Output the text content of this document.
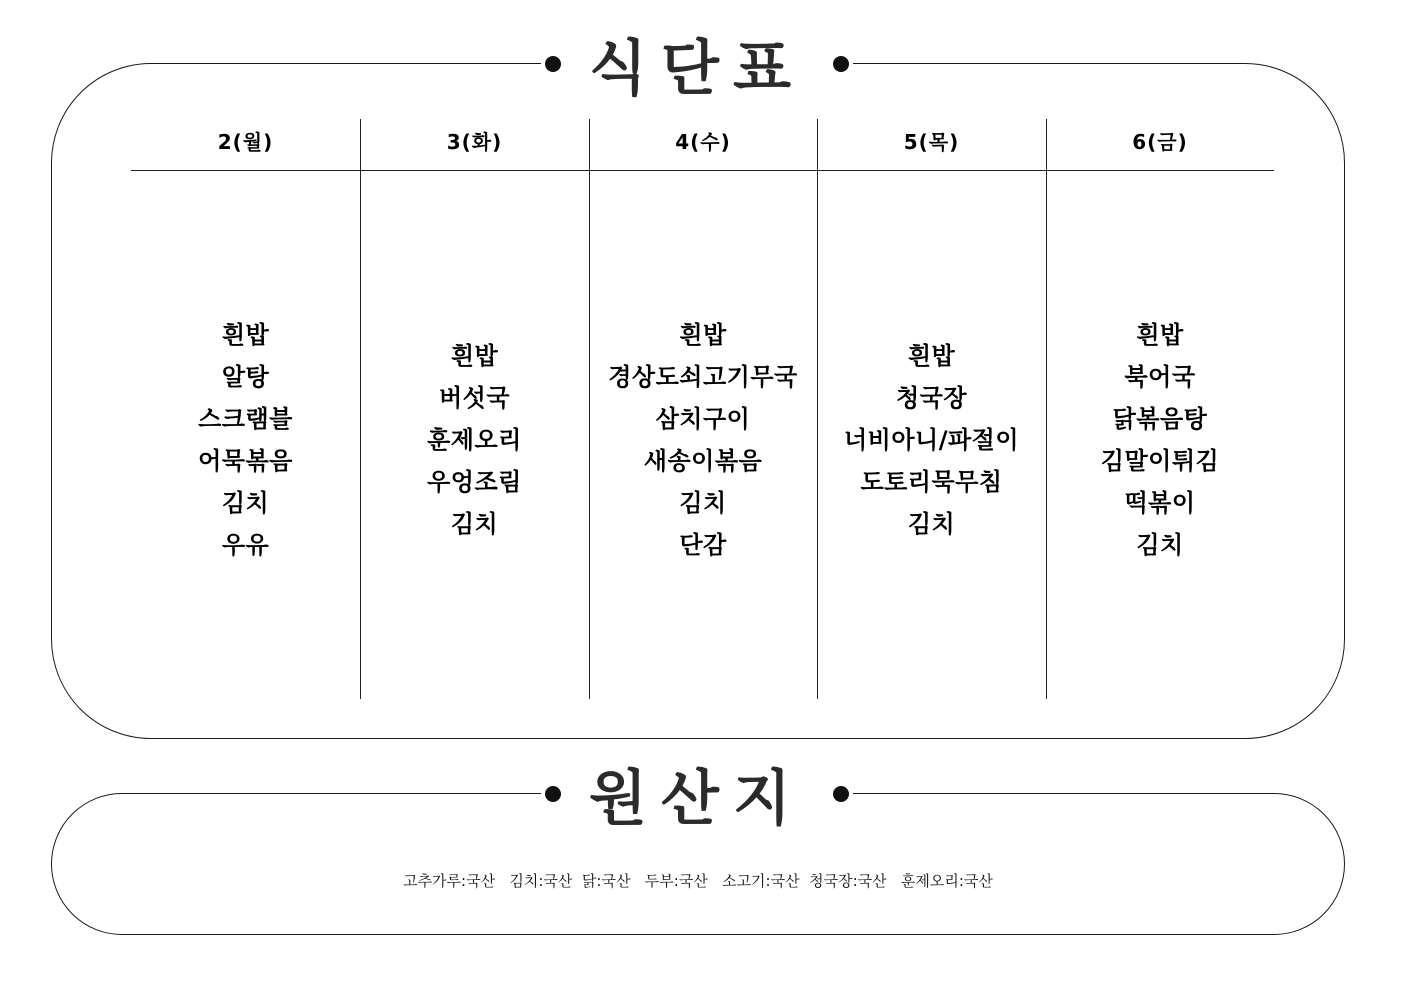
식단표
2(월)
흰밥
알탕
스크램블
어묵볶음
김치
우유
3(화)
흰밥
버섯국
훈제오리
우엉조림
김치
4(수)
흰밥
경상도쇠고기무국
삼치구이
새송이볶음
김치
단감
5(목)
흰밥
청국장
너비아니/파절이
도토리묵무침
김치
6(금)
흰밥
북어국
닭볶음탕
김말이튀김
떡볶이
김치
원산지
고추가루:국산   김치:국산  닭:국산   두부:국산   소고기:국산  청국장:국산   훈제오리:국산
